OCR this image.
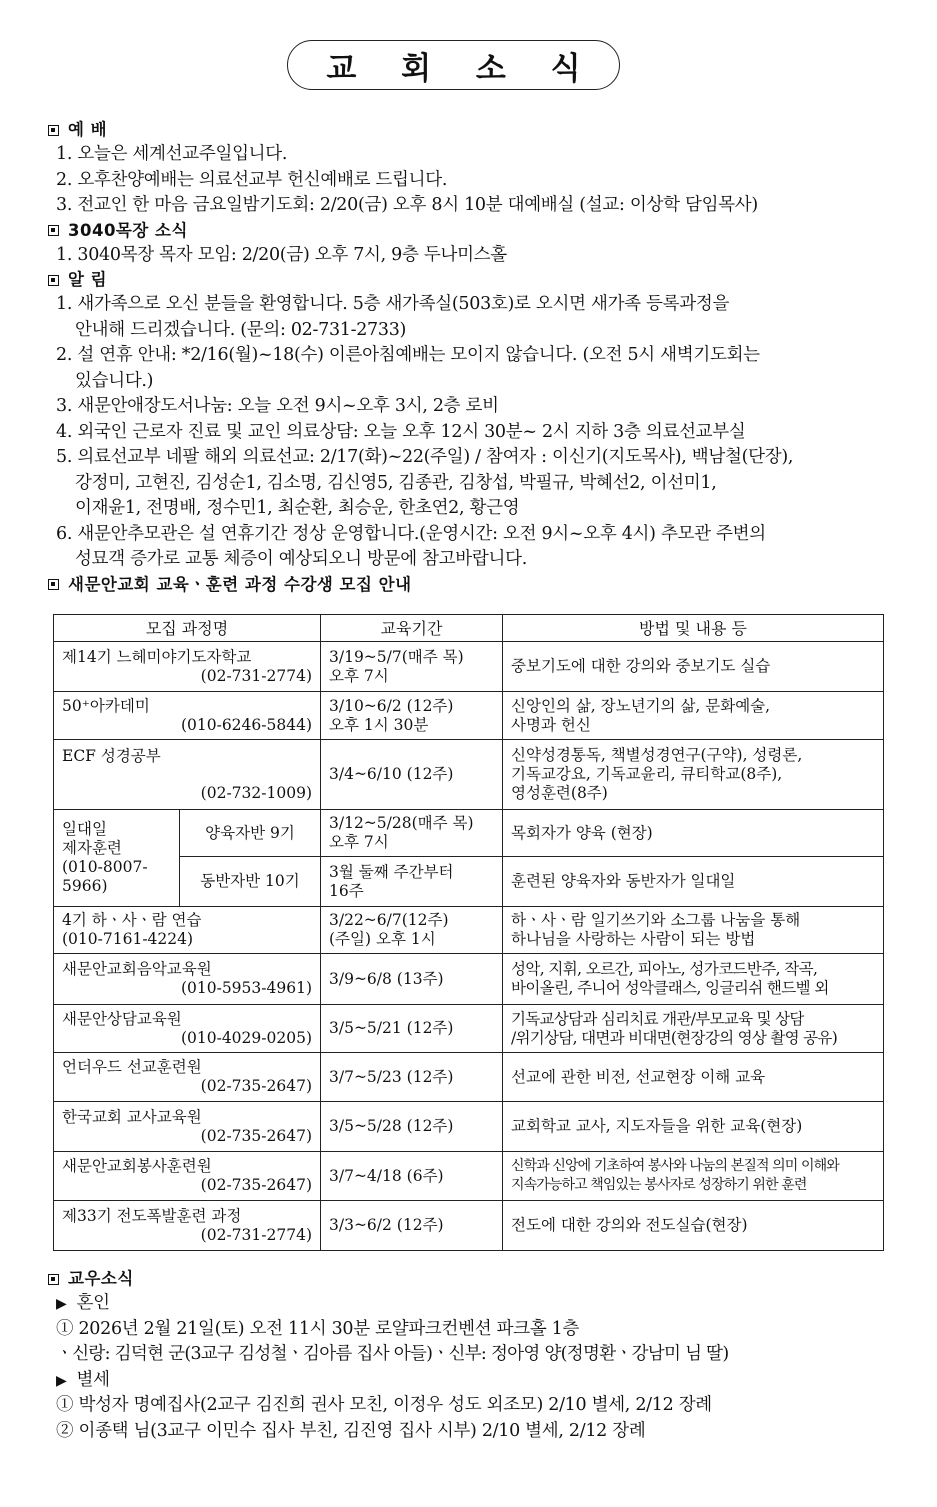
교 회 소 식
예 배
1. 오늘은 세계선교주일입니다.
2. 오후찬양예배는 의료선교부 헌신예배로 드립니다.
3. 전교인 한 마음 금요일밤기도회: 2/20(금) 오후 8시 10분 대예배실 (설교: 이상학 담임목사)
3040목장 소식
1. 3040목장 목자 모임: 2/20(금) 오후 7시, 9층 두나미스홀
알 림
1. 새가족으로 오신 분들을 환영합니다. 5층 새가족실(503호)로 오시면 새가족 등록과정을
안내해 드리겠습니다. (문의: 02-731-2733)
2. 설 연휴 안내: *2/16(월)~18(수) 이른아침예배는 모이지 않습니다. (오전 5시 새벽기도회는
있습니다.)
3. 새문안애장도서나눔: 오늘 오전 9시~오후 3시, 2층 로비
4. 외국인 근로자 진료 및 교인 의료상담: 오늘 오후 12시 30분~ 2시 지하 3층 의료선교부실
5. 의료선교부 네팔 해외 의료선교: 2/17(화)~22(주일) / 참여자 : 이신기(지도목사), 백남철(단장),
강정미, 고현진, 김성순1, 김소명, 김신영5, 김종관, 김창섭, 박필규, 박혜선2, 이선미1,
이재윤1, 전명배, 정수민1, 최순환, 최승운, 한초연2, 황근영
6. 새문안추모관은 설 연휴기간 정상 운영합니다.(운영시간: 오전 9시~오후 4시) 추모관 주변의
성묘객 증가로 교통 체증이 예상되오니 방문에 참고바랍니다.
새문안교회 교육ㆍ훈련 과정 수강생 모집 안내
모집 과정명		교육기간	방법 및 내용 등

제14기 느헤미야기도자학교
(02-731-2774)		3/19~5/7(매주 목)
오후 7시	중보기도에 대한 강의와 중보기도 실습

50⁺아카데미
(010-6246-5844)		3/10~6/2 (12주)
오후 1시 30분	신앙인의 삶, 장노년기의 삶, 문화예술,
사명과 헌신

ECF 성경공부
(02-732-1009)		3/4~6/10 (12주)	신약성경통독, 책별성경연구(구약), 성령론,
기독교강요, 기독교윤리, 큐티학교(8주),
영성훈련(8주)
일대일
제자훈련
(010-8007-5966)	양육자반 9기	3/12~5/28(매주 목)
오후 7시	목회자가 양육 (현장)
	동반자반 10기	3월 둘째 주간부터
16주	훈련된 양육자와 동반자가 일대일

4기 하ㆍ사ㆍ람 연습
(010-7161-4224)		3/22~6/7(12주)
(주일) 오후 1시	하ㆍ사ㆍ람 일기쓰기와 소그룹 나눔을 통해
하나님을 사랑하는 사람이 되는 방법

새문안교회음악교육원
(010-5953-4961)		3/9~6/8 (13주)	성악, 지휘, 오르간, 피아노, 성가코드반주, 작곡,
바이올린, 주니어 성악클래스, 잉글리쉬 핸드벨 외

새문안상담교육원
(010-4029-0205)		3/5~5/21 (12주)	기독교상담과 심리치료 개관/부모교육 및 상담
/위기상담, 대면과 비대면(현장강의 영상 촬영 공유)

언더우드 선교훈련원
(02-735-2647)		3/7~5/23 (12주)	선교에 관한 비전, 선교현장 이해 교육

한국교회 교사교육원
(02-735-2647)		3/5~5/28 (12주)	교회학교 교사, 지도자들을 위한 교육(현장)

새문안교회봉사훈련원
(02-735-2647)		3/7~4/18 (6주)	신학과 신앙에 기초하여 봉사와 나눔의 본질적 의미 이해와
지속가능하고 책임있는 봉사자로 성장하기 위한 훈련

제33기 전도폭발훈련 과정
(02-731-2774)		3/3~6/2 (12주)	전도에 대한 강의와 전도실습(현장)
교우소식
▶ 혼인
① 2026년 2월 21일(토) 오전 11시 30분 로얄파크컨벤션 파크홀 1층
ㆍ신랑: 김덕현 군(3교구 김성철ㆍ김아름 집사 아들)ㆍ신부: 정아영 양(정명환ㆍ강남미 님 딸)
▶ 별세
① 박성자 명예집사(2교구 김진희 권사 모친, 이정우 성도 외조모) 2/10 별세, 2/12 장례
② 이종택 님(3교구 이민수 집사 부친, 김진영 집사 시부) 2/10 별세, 2/12 장례
